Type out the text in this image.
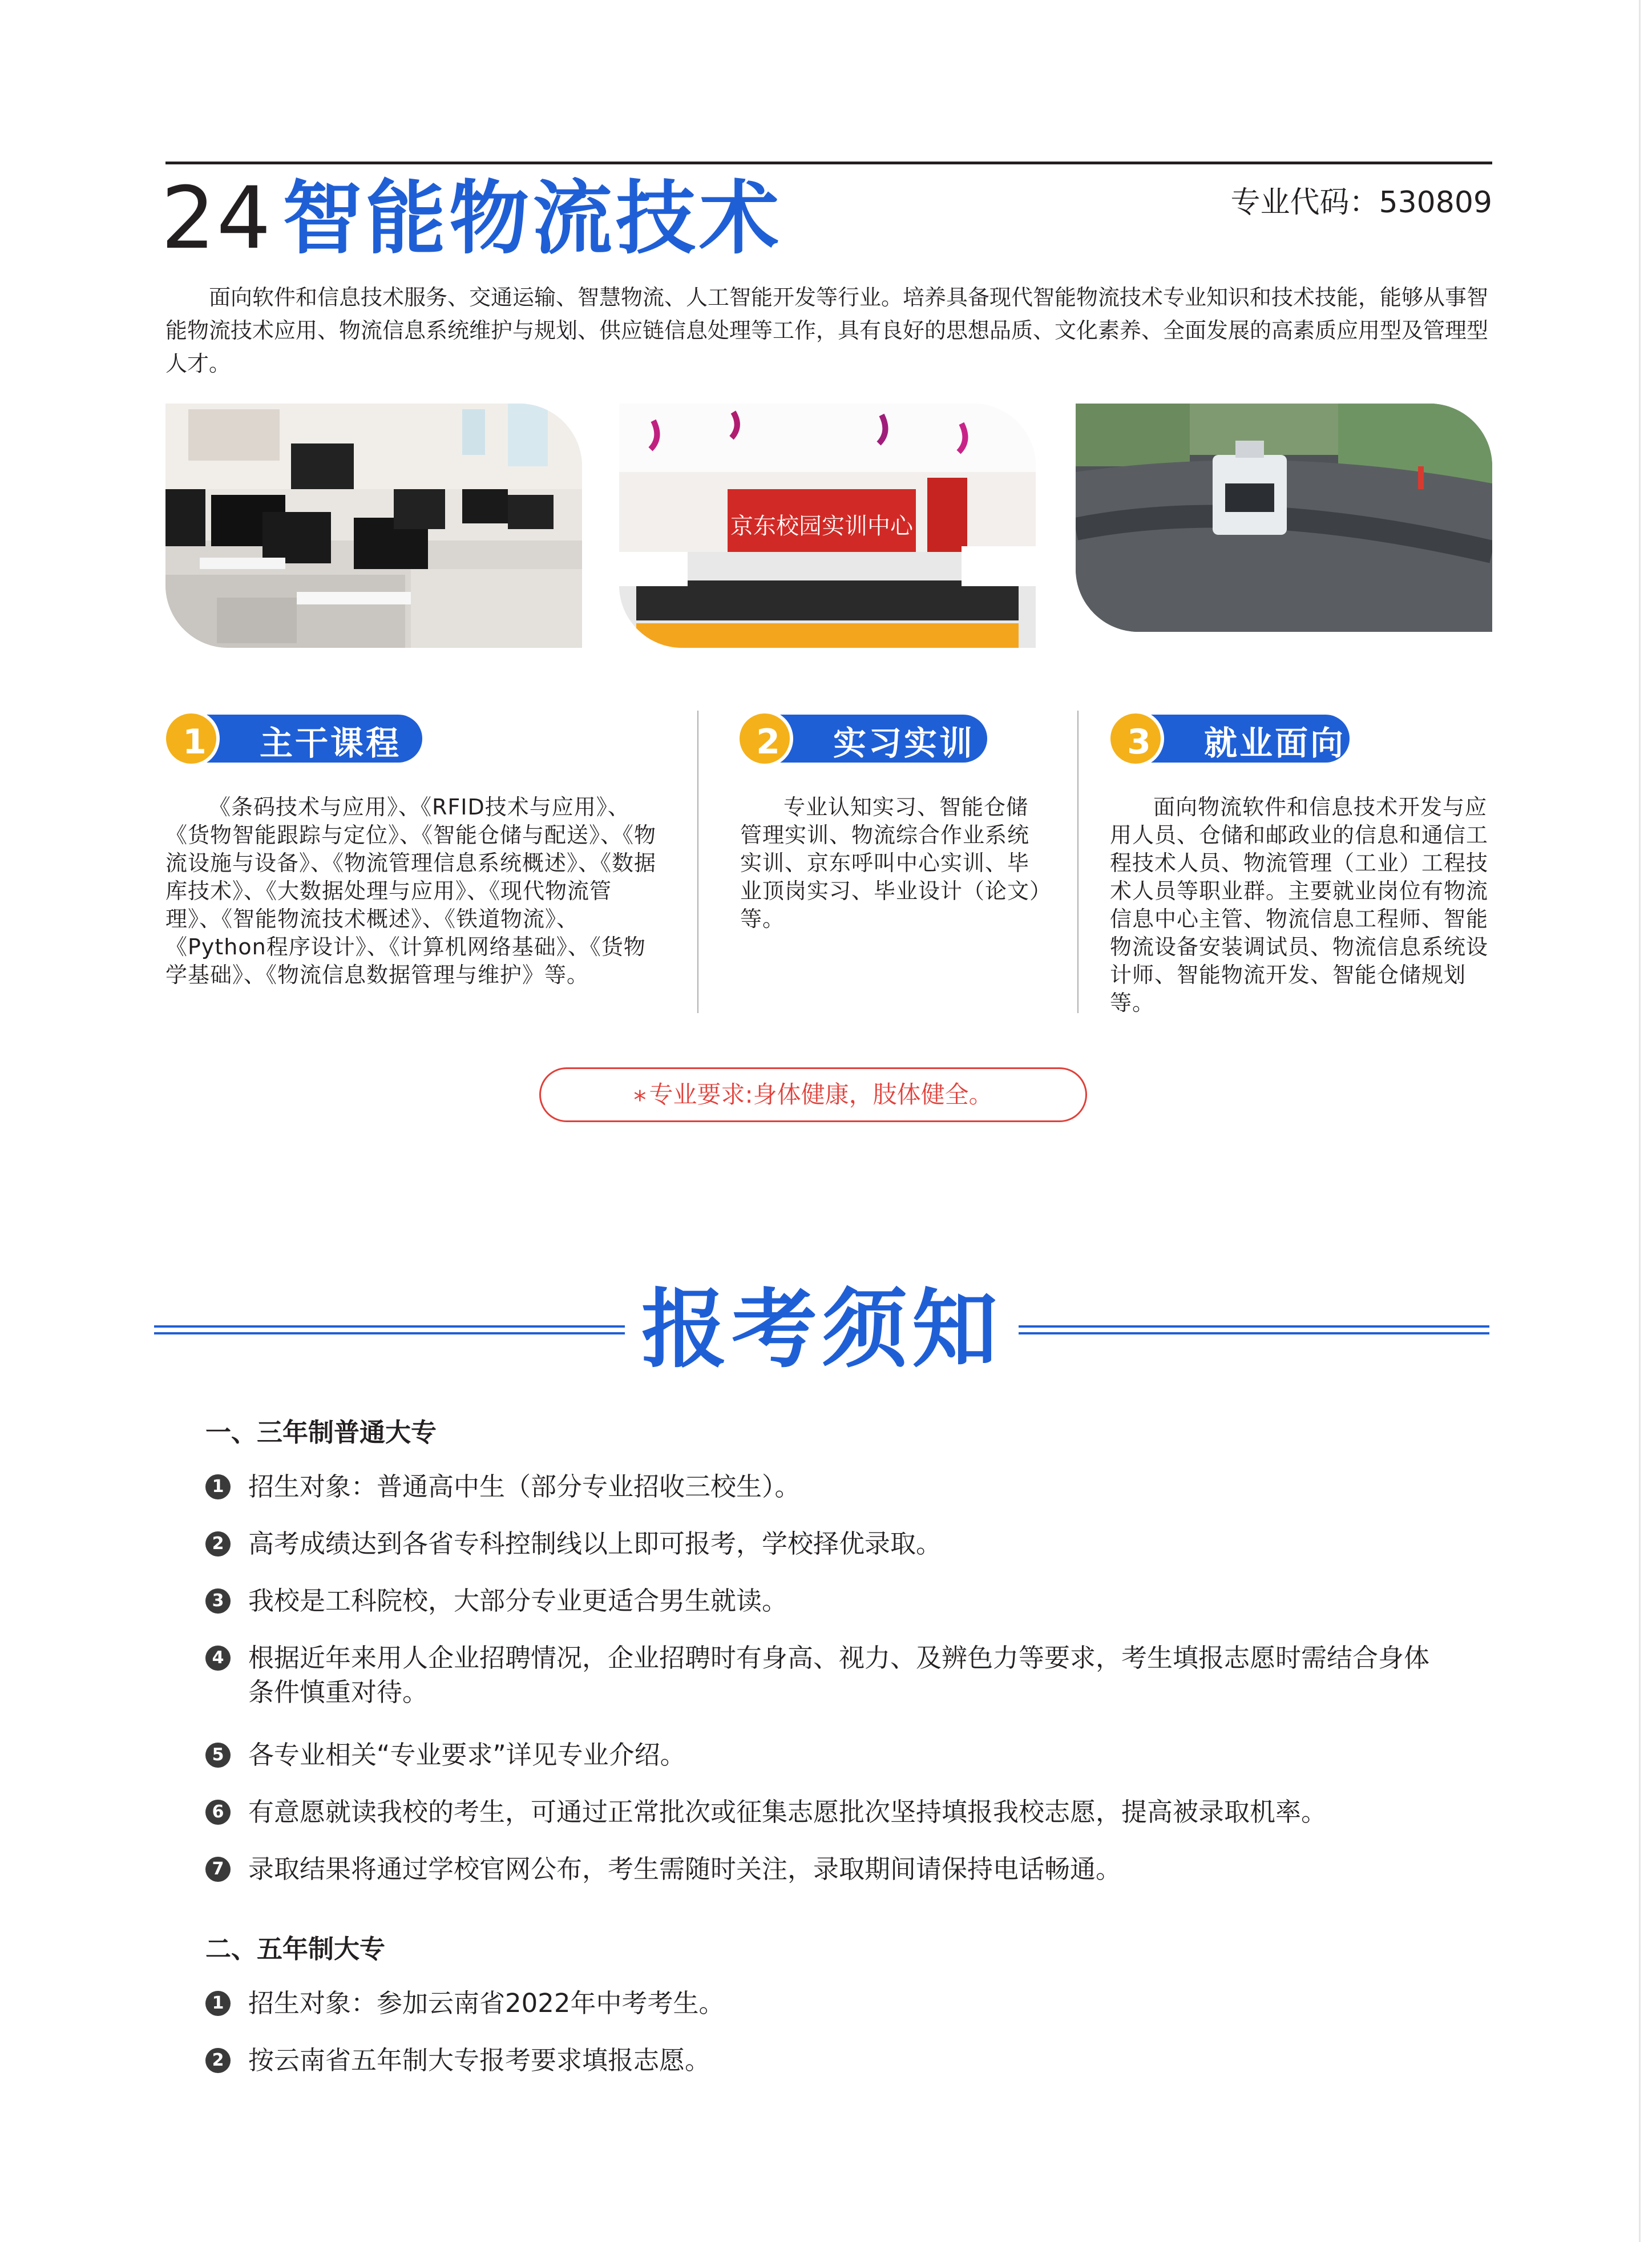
24 智能物流技术	专业代码：530809

面向软件和信息技术服务、交通运输、智慧物流、人工智能开发等行业。培养具备现代智能物流技术专业知识和技术技能，能够从事智能物流技术应用、物流信息系统维护与规划、供应链信息处理等工作，具有良好的思想品质、文化素养、全面发展的高素质应用型及管理型人才。

京东校园实训中心
主干课程
1	实习实训
2	就业面向
3

《条码技术与应用》、《RFID技术与应用》、《货物智能跟踪与定位》、《智能仓储与配送》、《物流设施与设备》、《物流管理信息系统概述》、《数据库技术》、《大数据处理与应用》、《现代物流管理》、《智能物流技术概述》、《铁道物流》、《Python程序设计》、《计算机网络基础》、《货物学基础》、《物流信息数据管理与维护》等。

专业认知实习、智能仓储管理实训、物流综合作业系统实训、京东呼叫中心实训、毕业顶岗实习、毕业设计（论文）等。

面向物流软件和信息技术开发与应用人员、仓储和邮政业的信息和通信工程技术人员、物流管理（工业）工程技术人员等职业群。主要就业岗位有物流信息中心主管、物流信息工程师、智能物流设备安装调试员、物流信息系统设计师、智能物流开发、智能仓储规划等。

* 专业要求:身体健康，肢体健全。
报考须知
一、三年制普通大专
1 招生对象：普通高中生（部分专业招收三校生）。
2 高考成绩达到各省专科控制线以上即可报考，学校择优录取。
3 我校是工科院校，大部分专业更适合男生就读。
4 根据近年来用人企业招聘情况，企业招聘时有身高、视力、及辨色力等要求，考生填报志愿时需结合身体条件慎重对待。
5 各专业相关“专业要求”详见专业介绍。
6 有意愿就读我校的考生，可通过正常批次或征集志愿批次坚持填报我校志愿，提高被录取机率。
7 录取结果将通过学校官网公布，考生需随时关注，录取期间请保持电话畅通。
二、五年制大专
1 招生对象：参加云南省2022年中考考生。
2 按云南省五年制大专报考要求填报志愿。
